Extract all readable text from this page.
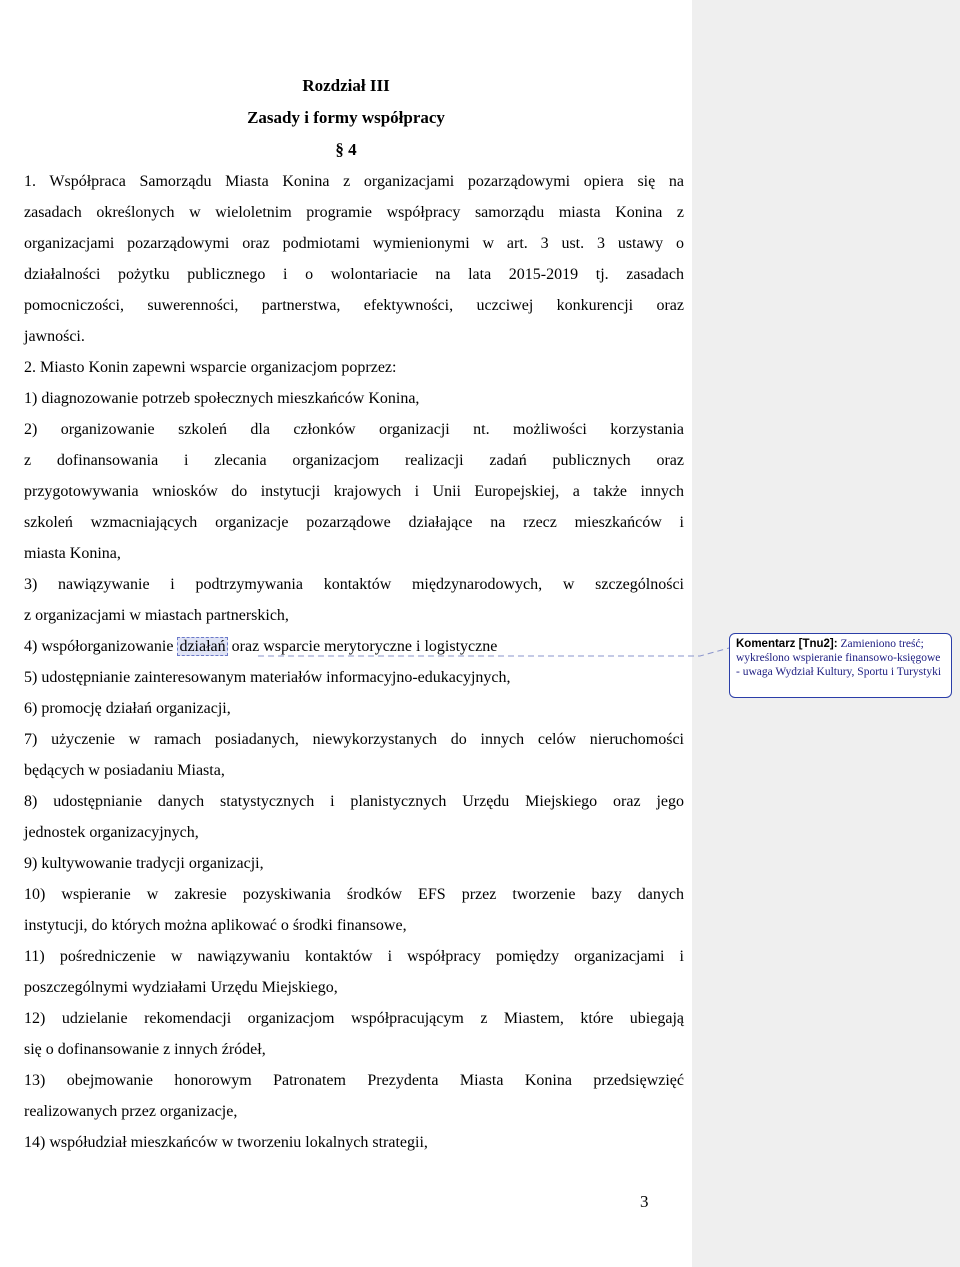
Rozdział III
Zasady i formy współpracy
§ 4
1. Współpraca Samorządu Miasta Konina z organizacjami pozarządowymi opiera się na
zasadach określonych w wieloletnim programie współpracy samorządu miasta Konina z
organizacjami pozarządowymi oraz podmiotami wymienionymi w art. 3 ust. 3 ustawy o
działalności pożytku publicznego i o wolontariacie na lata 2015-2019 tj. zasadach
pomocniczości, suwerenności, partnerstwa, efektywności, uczciwej konkurencji oraz
jawności.
2. Miasto Konin zapewni wsparcie organizacjom poprzez:
1) diagnozowanie potrzeb społecznych mieszkańców Konina,
2) organizowanie szkoleń dla członków organizacji nt. możliwości korzystania
z dofinansowania i zlecania organizacjom realizacji zadań publicznych oraz
przygotowywania wniosków do instytucji krajowych i Unii Europejskiej, a także innych
szkoleń wzmacniających organizacje pozarządowe działające na rzecz mieszkańców i
miasta Konina,
3) nawiązywanie i podtrzymywania kontaktów międzynarodowych, w szczególności
z organizacjami w miastach partnerskich,
4) współorganizowanie działań oraz wsparcie merytoryczne i logistyczne
5) udostępnianie zainteresowanym materiałów informacyjno-edukacyjnych,
6) promocję działań organizacji,
7) użyczenie w ramach posiadanych, niewykorzystanych do innych celów nieruchomości
będących w posiadaniu Miasta,
8) udostępnianie danych statystycznych i planistycznych Urzędu Miejskiego oraz jego
jednostek organizacyjnych,
9) kultywowanie tradycji organizacji,
10) wspieranie w zakresie pozyskiwania środków EFS przez tworzenie bazy danych
instytucji, do których można aplikować o środki finansowe,
11) pośredniczenie w nawiązywaniu kontaktów i współpracy pomiędzy organizacjami i
poszczególnymi wydziałami Urzędu Miejskiego,
12) udzielanie rekomendacji organizacjom współpracującym z Miastem, które ubiegają
się o dofinansowanie z innych źródeł,
13) obejmowanie honorowym Patronatem Prezydenta Miasta Konina przedsięwzięć
realizowanych przez organizacje,
14) współudział mieszkańców w tworzeniu lokalnych strategii,
Komentarz [Tnu2]: Zamieniono treść;
wykreślono wspieranie finansowo-księgowe - uwaga Wydział Kultury, Sportu i Turystyki
3
